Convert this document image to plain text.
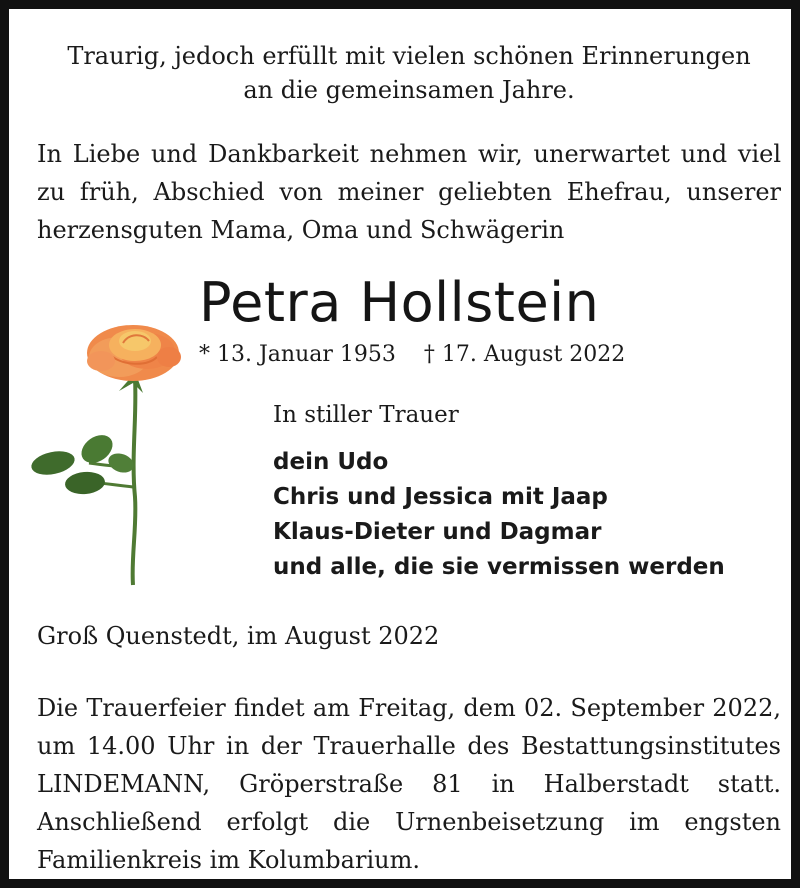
Traurig, jedoch erfüllt mit vielen schönen Erinnerungen
an die gemeinsamen Jahre.
In Liebe und Dankbarkeit nehmen wir, unerwartet und viel
zu früh, Abschied von meiner geliebten Ehefrau, unserer
herzensguten Mama, Oma und Schwägerin
Petra Hollstein
* 13. Januar 1953 † 17. August 2022
In stiller Trauer
dein Udo
Chris und Jessica mit Jaap
Klaus-Dieter und Dagmar
und alle, die sie vermissen werden
Groß Quenstedt, im August 2022
Die Trauerfeier findet am Freitag, dem 02. September 2022,
um 14.00 Uhr in der Trauerhalle des Bestattungsinstitutes
LINDEMANN, Gröperstraße 81 in Halberstadt statt.
Anschließend erfolgt die Urnenbeisetzung im engsten
Familienkreis im Kolumbarium.
